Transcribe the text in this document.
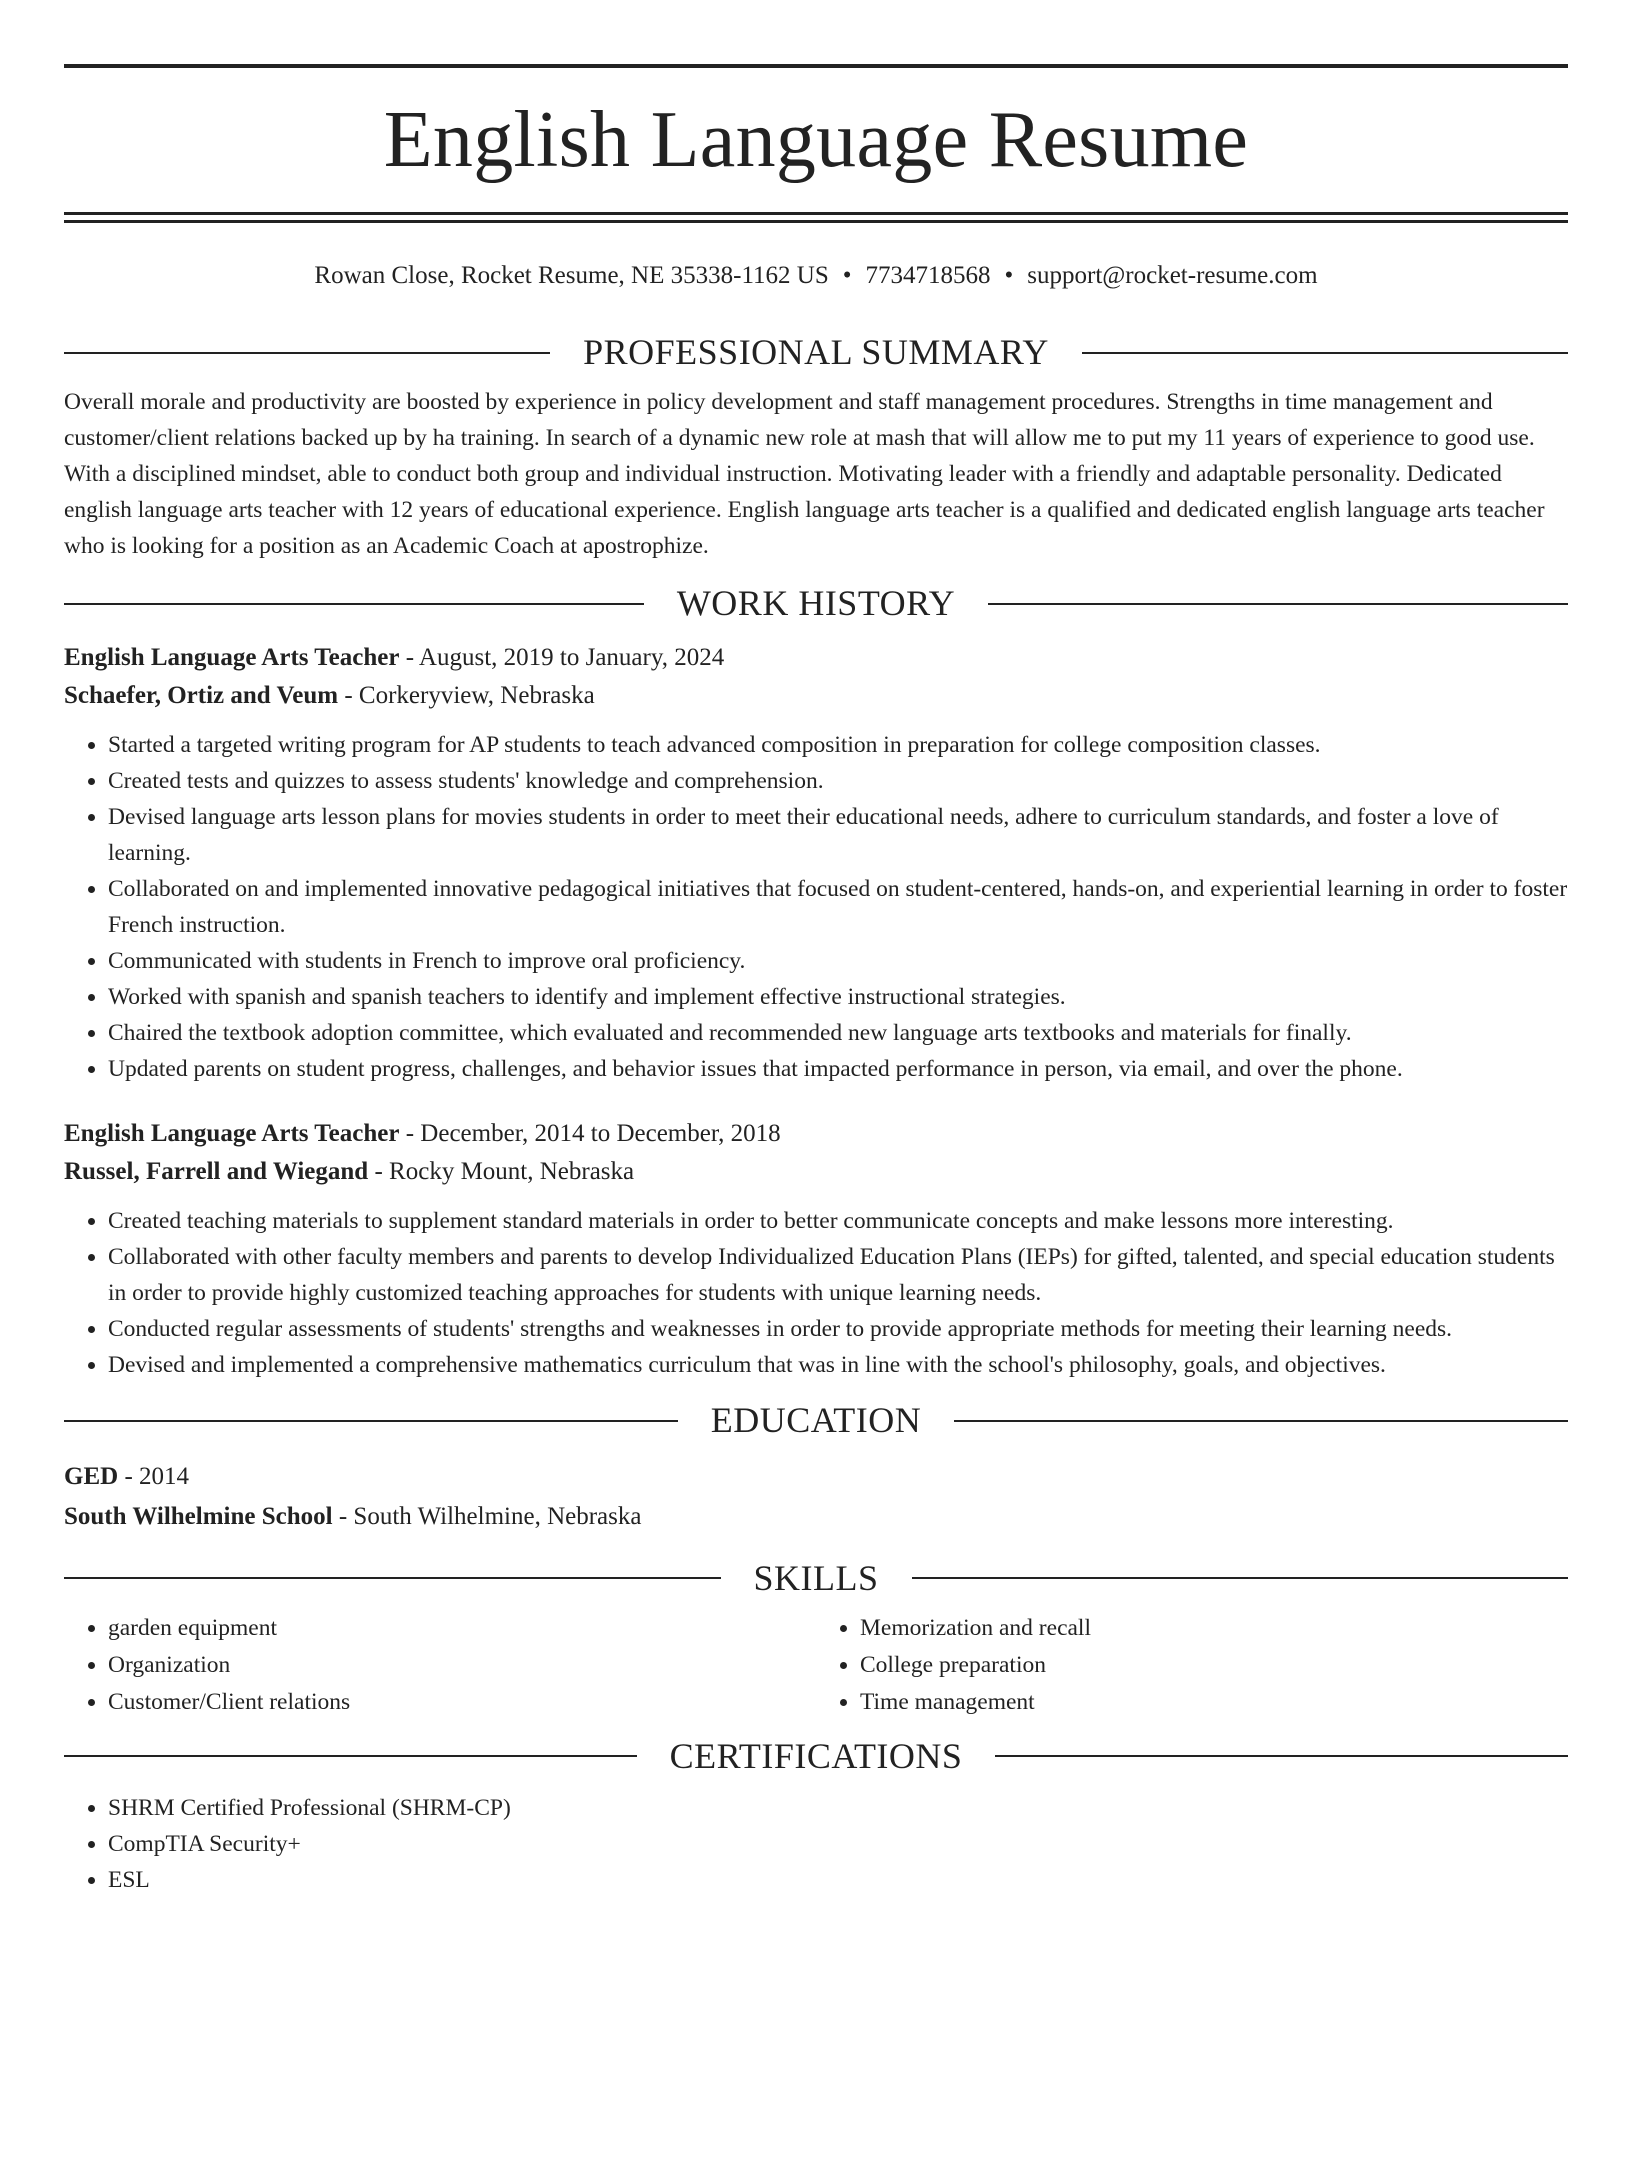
English Language Resume
Rowan Close, Rocket Resume, NE 35338-1162 US • 7734718568 • support@rocket-resume.com
PROFESSIONAL SUMMARY

Overall morale and productivity are boosted by experience in policy development and staff management procedures. Strengths in time management and customer/client relations backed up by ha training. In search of a dynamic new role at mash that will allow me to put my 11 years of experience to good use. With a disciplined mindset, able to conduct both group and individual instruction. Motivating leader with a friendly and adaptable personality. Dedicated english language arts teacher with 12 years of educational experience. English language arts teacher is a qualified and dedicated english language arts teacher who is looking for a position as an Academic Coach at apostrophize.

WORK HISTORY
English Language Arts Teacher - August, 2019 to January, 2024
Schaefer, Ortiz and Veum - Corkeryview, Nebraska
• Started a targeted writing program for AP students to teach advanced composition in preparation for college composition classes.
• Created tests and quizzes to assess students' knowledge and comprehension.
• Devised language arts lesson plans for movies students in order to meet their educational needs, adhere to curriculum standards, and foster a love of learning.
• Collaborated on and implemented innovative pedagogical initiatives that focused on student-centered, hands-on, and experiential learning in order to foster French instruction.
• Communicated with students in French to improve oral proficiency.
• Worked with spanish and spanish teachers to identify and implement effective instructional strategies.
• Chaired the textbook adoption committee, which evaluated and recommended new language arts textbooks and materials for finally.
• Updated parents on student progress, challenges, and behavior issues that impacted performance in person, via email, and over the phone.
English Language Arts Teacher - December, 2014 to December, 2018
Russel, Farrell and Wiegand - Rocky Mount, Nebraska
• Created teaching materials to supplement standard materials in order to better communicate concepts and make lessons more interesting.
• Collaborated with other faculty members and parents to develop Individualized Education Plans (IEPs) for gifted, talented, and special education students in order to provide highly customized teaching approaches for students with unique learning needs.
• Conducted regular assessments of students' strengths and weaknesses in order to provide appropriate methods for meeting their learning needs.
• Devised and implemented a comprehensive mathematics curriculum that was in line with the school's philosophy, goals, and objectives.
EDUCATION
GED - 2014
South Wilhelmine School - South Wilhelmine, Nebraska
SKILLS
• garden equipment
• Organization
• Customer/Client relations
• Memorization and recall
• College preparation
• Time management
CERTIFICATIONS
• SHRM Certified Professional (SHRM-CP)
• CompTIA Security+
• ESL
